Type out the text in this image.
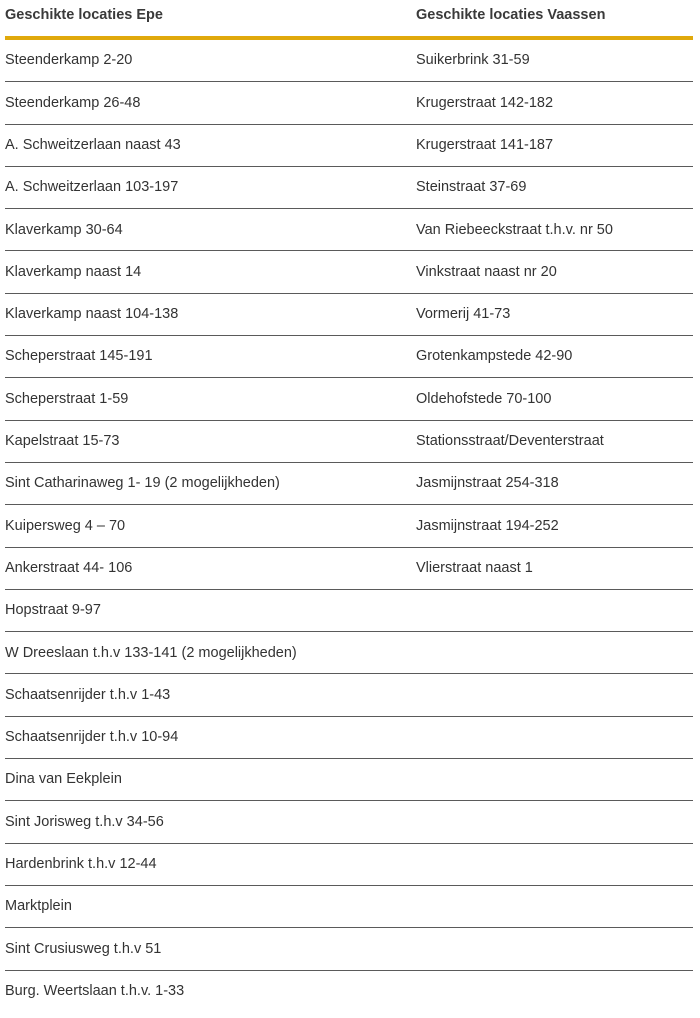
Geschikte locaties Epe	Geschikte locaties Vaassen
Steenderkamp 2-20	Suikerbrink 31-59
Steenderkamp 26-48	Krugerstraat 142-182
A. Schweitzerlaan naast 43	Krugerstraat 141-187
A. Schweitzerlaan 103-197	Steinstraat 37-69
Klaverkamp 30-64	Van Riebeeckstraat t.h.v. nr 50
Klaverkamp naast 14	Vinkstraat naast nr 20
Klaverkamp naast 104-138	Vormerij 41-73
Scheperstraat 145-191	Grotenkampstede 42-90
Scheperstraat 1-59	Oldehofstede 70-100
Kapelstraat 15-73	Stationsstraat/Deventerstraat
Sint Catharinaweg 1- 19 (2 mogelijkheden)	Jasmijnstraat 254-318
Kuipersweg 4 – 70	Jasmijnstraat 194-252
Ankerstraat 44- 106	Vlierstraat naast 1
Hopstraat 9-97
W Dreeslaan t.h.v 133-141 (2 mogelijkheden)
Schaatsenrijder t.h.v 1-43
Schaatsenrijder t.h.v 10-94
Dina van Eekplein
Sint Jorisweg t.h.v 34-56
Hardenbrink t.h.v 12-44
Marktplein
Sint Crusiusweg t.h.v 51
Burg. Weertslaan t.h.v. 1-33
